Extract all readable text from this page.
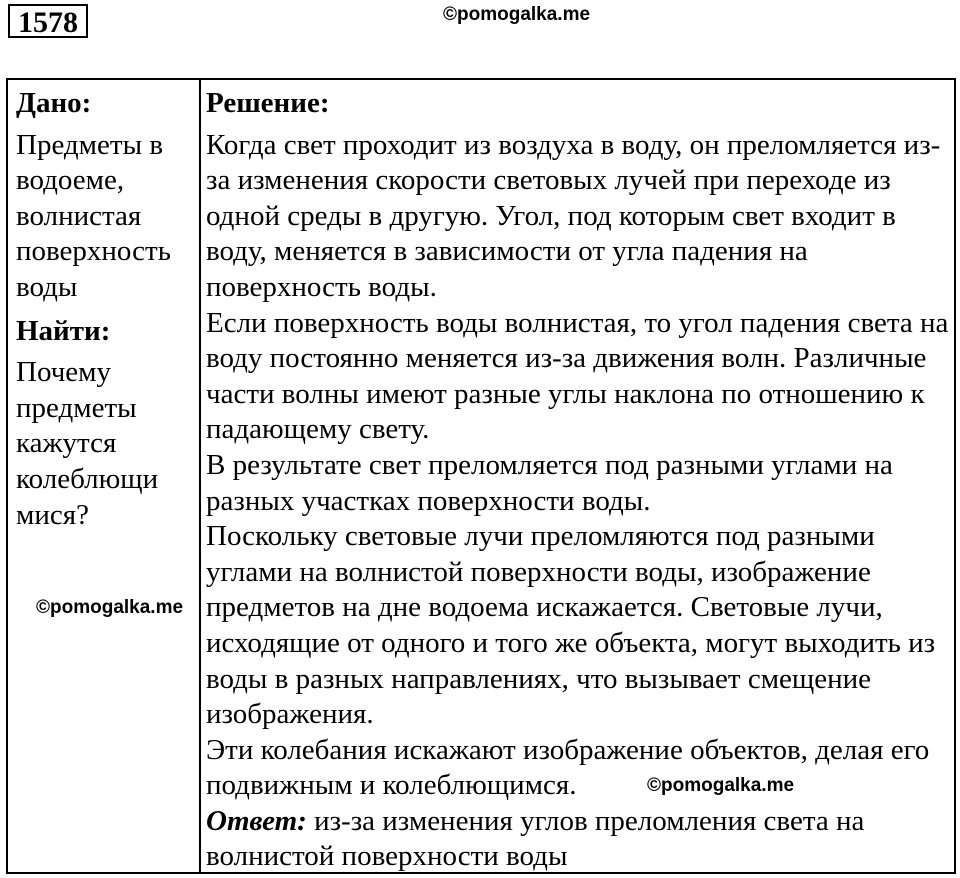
1578	©pomogalka.me
Дано:
Предметы в
водоеме,
волнистая
поверхность
воды
Найти:
Почему
предметы
кажутся
колеблющи
мися?
Решение:

Когда свет проходит из воздуха в воду, он преломляется из-за изменения скорости световых лучей при переходе из одной среды в другую. Угол, под которым свет входит в воду, меняется в зависимости от угла падения на поверхность воды.

Если поверхность воды волнистая, то угол падения света на воду постоянно меняется из-за движения волн. Различные части волны имеют разные углы наклона по отношению к падающему свету.

В результате свет преломляется под разными углами на разных участках поверхности воды.

Поскольку световые лучи преломляются под разными углами на волнистой поверхности воды, изображение предметов на дне водоема искажается. Световые лучи, исходящие от одного и того же объекта, могут выходить из воды в разных направлениях, что вызывает смещение изображения.

Эти колебания искажают изображение объектов, делая его подвижным и колеблющимся.

Ответ: из-за изменения углов преломления света на волнистой поверхности воды

©pomogalka.me
©pomogalka.me
